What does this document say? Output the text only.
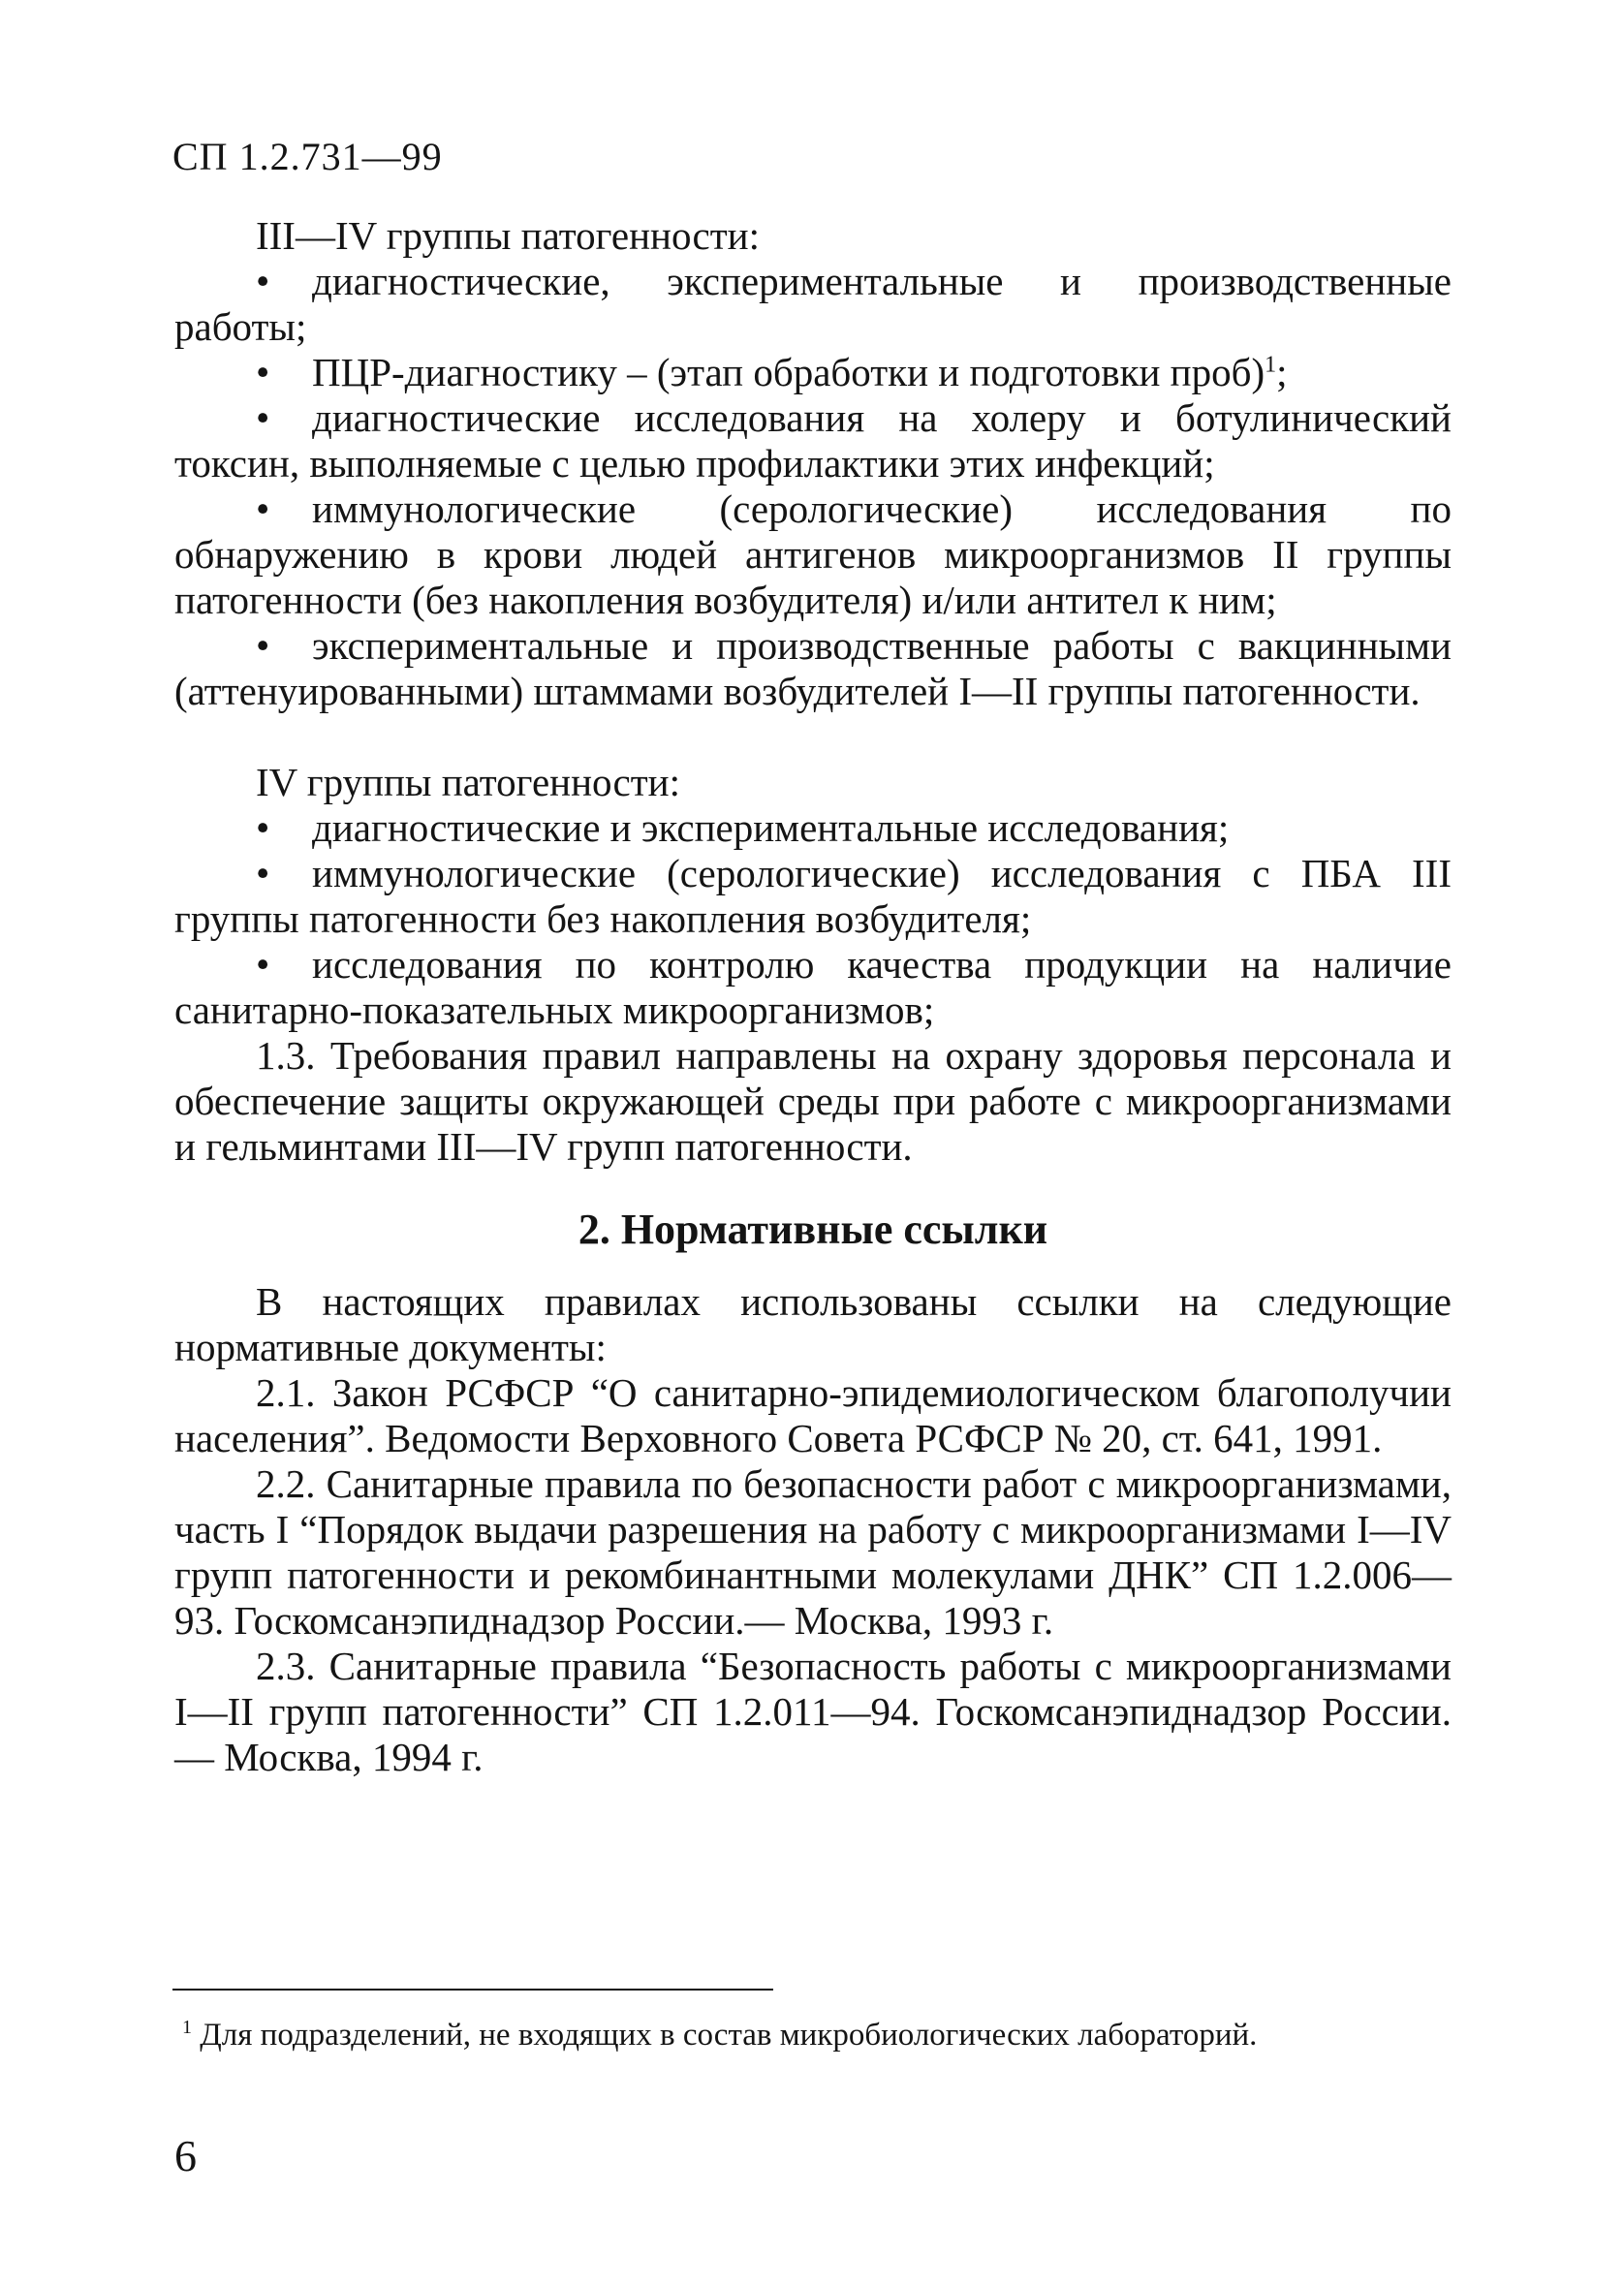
СП 1.2.731—99

III—IV группы патогенности:

• диагностические, экспериментальные и производственные работы;

• ПЦР-диагностику – (этап обработки и подготовки проб)$^1$;

• диагностические исследования на холеру и ботулинический токсин, выполняемые с целью профилактики этих инфекций;

• иммунологические (серологические) исследования по обнаружению в крови людей антигенов микроорганизмов II группы патогенности (без накопления возбудителя) и/или антител к ним;

• экспериментальные и производственные работы с вакцинными (аттенуированными) штаммами возбудителей I—II группы патогенности.

IV группы патогенности:

• диагностические и экспериментальные исследования;

• иммунологические (серологические) исследования с ПБА III группы патогенности без накопления возбудителя;

• исследования по контролю качества продукции на наличие санитарно-показательных микроорганизмов;

1.3. Требования правил направлены на охрану здоровья персонала и обеспечение защиты окружающей среды при работе с микроорганизмами и гельминтами III—IV групп патогенности.

2. Нормативные ссылки

В настоящих правилах использованы ссылки на следующие нормативные документы:

2.1. Закон РСФСР “О санитарно-эпидемиологическом благополучии населения”. Ведомости Верховного Совета РСФСР № 20, ст. 641, 1991.

2.2. Санитарные правила по безопасности работ с микроорганизмами, часть I “Порядок выдачи разрешения на работу с микроорганизмами I—IV групп патогенности и рекомбинантными молекулами ДНК” СП 1.2.006—93. Госкомсанэпиднадзор России.— Москва, 1993 г.

2.3. Санитарные правила “Безопасность работы с микроорганизмами I—II групп патогенности” СП 1.2.011—94. Госкомсанэпиднадзор России.— Москва, 1994 г.

$^1$ Для подразделений, не входящих в состав микробиологических лабораторий.
6
